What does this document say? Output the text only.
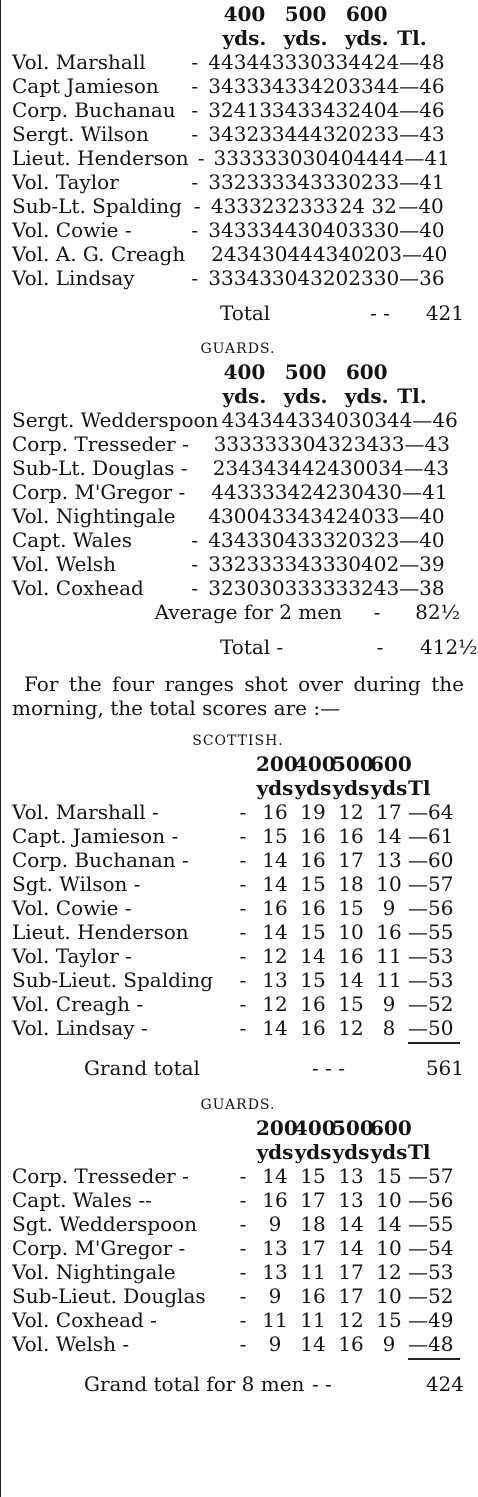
400 500 600
yds. yds. yds. Tl.
Vol. Marshall	- 44344 33303 34424 —48
Capt Jamieson	- 34333 43342 03344 —46
Corp. Buchanau - 32413 34334 32404 —46
Sergt. Wilson	- 34323 34443 20233 —43
Lieut. Henderson - 33333 30304 04444 —41
Vol. Taylor	- 33233 33433 30233 —41
Sub-Lt. Spalding - 43332 32333 24 32 —40
Vol. Cowie -	- 34333 44304 03330 —40
Vol. A. G. Creagh 24343 04443 40203 —40
Vol. Lindsay	- 33343 30432 02330 —36
Total	- -	421
GUARDS.
400 500 600
yds. yds. yds. Tl.
Sergt. Wedderspoon 43434 43340 30344 —46
Corp. Tresseder - 33333 33043 23433 —43
Sub-Lt. Douglas - 23434 34424 30034 —43
Corp. M'Gregor - 44333 34242 30430 —41
Vol. Nightingale 43004 33434 24033 —40
Capt. Wales	- 43433 04333 20323 —40
Vol. Welsh	- 33233 33433 30402 —39
Vol. Coxhead	- 32303 03333 33243 —38
Average for 2 men	-	82½
Total -	-	412½
For the four ranges shot over during the morning, the total scores are :—
SCOTTISH.
200
400
500
600
yds yds yds yds Tl
Vol. Marshall -	- 16 19 12 17 —64
Capt. Jamieson -	- 15 16 16 14 —61
Corp. Buchanan -	- 14 16 17 13 —60
Sgt. Wilson -	- 14 15 18 10 —57
Vol. Cowie -	- 16 16 15 9 —56
Lieut. Henderson	- 14 15 10 16 —55
Vol. Taylor -	- 12 14 16 11 —53
Sub-Lieut. Spalding	- 13 15 14 11 —53
Vol. Creagh -	- 12 16 15 9 —52
Vol. Lindsay -	- 14 16 12 8 —50
Grand total	- - -	561
GUARDS.
200
400
500
600
yds yds yds yds Tl
Corp. Tresseder -	- 14 15 13 15 —57
Capt. Wales --	- 16 17 13 10 —56
Sgt. Wedderspoon	-	9 18 14 14 —55
Corp. M'Gregor -	- 13 17 14 10 —54
Vol. Nightingale	- 13 11 17 12 —53
Sub-Lieut. Douglas	-	9 16 17 10 —52
Vol. Coxhead -	- 11 11 12 15 —49
Vol. Welsh -	-	9 14 16 9 —48
Grand total for 8 men - -	424
